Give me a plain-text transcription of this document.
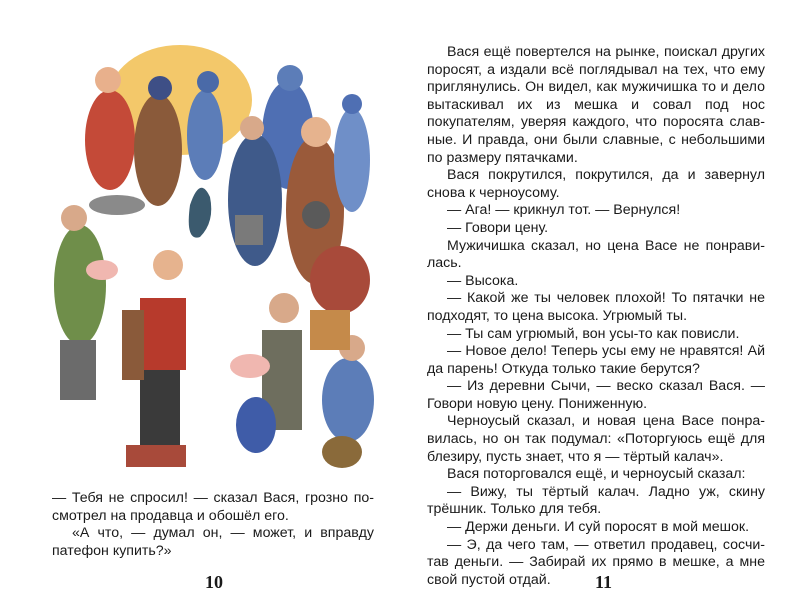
— Тебя не спросил! — сказал Вася, грозно посмотрел на продавца и обошёл его.

«А что, — думал он, — может, и вправду патефон купить?»

10

Вася ещё повертелся на рынке, поискал других поросят, а издали всё поглядывал на тех, что ему приглянулись. Он видел, как мужичишка то и дело вытаскивал их из мешка и совал под нос покупателям, уверяя каждого, что поросята славные. И правда, они были славные, с небольшими по размеру пятачками.

Вася покрутился, покрутился, да и завернул снова к черноусому.

— Ага! — крикнул тот. — Вернулся!

— Говори цену.

Мужичишка сказал, но цена Васе не понравилась.

— Высока.

— Какой же ты человек плохой! То пятачки не подходят, то цена высока. Угрюмый ты.

— Ты сам угрюмый, вон усы-то как повисли.

— Новое дело! Теперь усы ему не нравятся! Ай да парень! Откуда только такие берутся?

— Из деревни Сычи, — веско сказал Вася. — Говори новую цену. Пониженную.

Черноусый сказал, и новая цена Васе понравилась, но он так подумал: «Поторгуюсь ещё для блезиру, пусть знает, что я — тёртый калач».

Вася поторговался ещё, и черноусый сказал:

— Вижу, ты тёртый калач. Ладно уж, скину трёшник. Только для тебя.

— Держи деньги. И суй поросят в мой мешок.

— Э, да чего там, — ответил продавец, сосчитав деньги. — Забирай их прямо в мешке, а мне свой пустой отдай.	11
